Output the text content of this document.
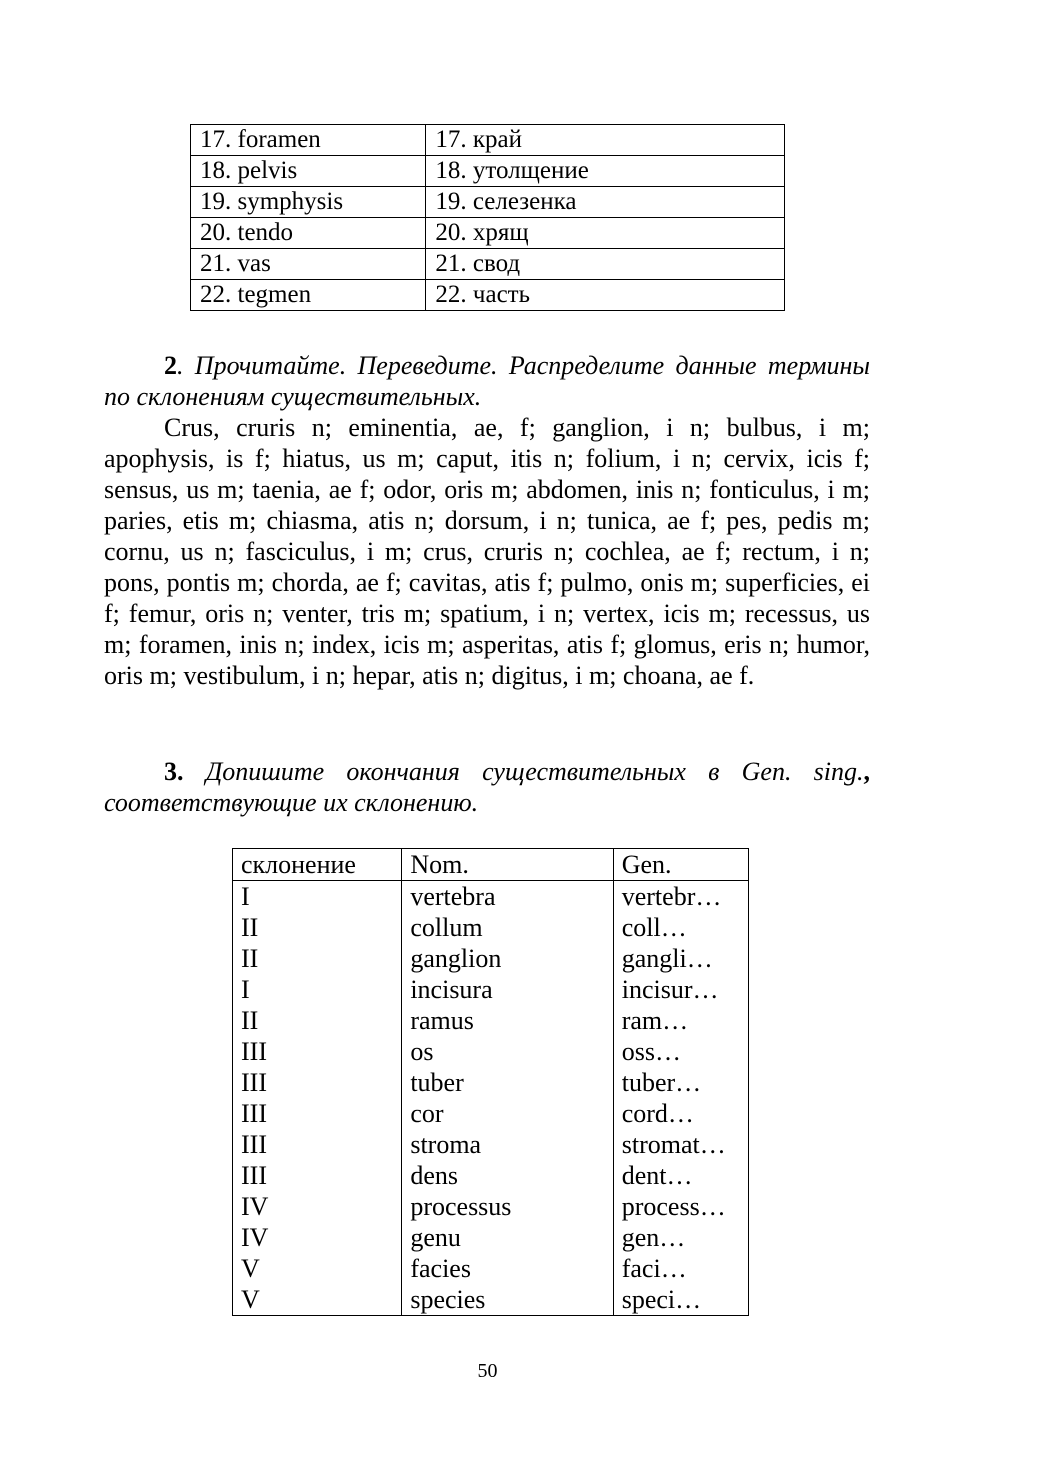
17. foramen	17. край
18. pelvis	18. утолщение
19. symphysis	19. селезенка
20. tendo	20. хрящ
21. vas	21. свод
22. tegmen	22. часть

2. Прочитайте. Переведите. Распределите данные термины по склонениям существительных.

Crus, cruris n; eminentia, ae, f; ganglion, i n; bulbus, i m; apophysis, is f; hiatus, us m; caput, itis n; folium, i n; cervix, icis f; sensus, us m; taenia, ae f; odor, oris m; abdomen, inis n; fonticulus, i m; paries, etis m; chiasma, atis n; dorsum, i n; tunica, ae f; pes, pedis m; cornu, us n; fasciculus, i m; crus, cruris n; cochlea, ae f; rectum, i n; pons, pontis m; chorda, ae f; cavitas, atis f; pulmo, onis m; superficies, ei f; femur, oris n; venter, tris m; spatium, i n; vertex, icis m; recessus, us m; foramen, inis n; index, icis m; asperitas, atis f; glomus, eris n; humor, oris m; vestibulum, i n; hepar, atis n; digitus, i m; choana, ae f.

3. Допишите окончания существительных в Gen. sing., соответствующие их склонению.

склонение	Nom.	Gen.
I	vertebra	vertebr…
II	collum	coll…
II	ganglion	gangli…
I	incisura	incisur…
II	ramus	ram…
III	os	oss…
III	tuber	tuber…
III	cor	cord…
III	stroma	stromat…
III	dens	dent…
IV	processus	process…
IV	genu	gen…
V	facies	faci…
V	species	speci…
50
